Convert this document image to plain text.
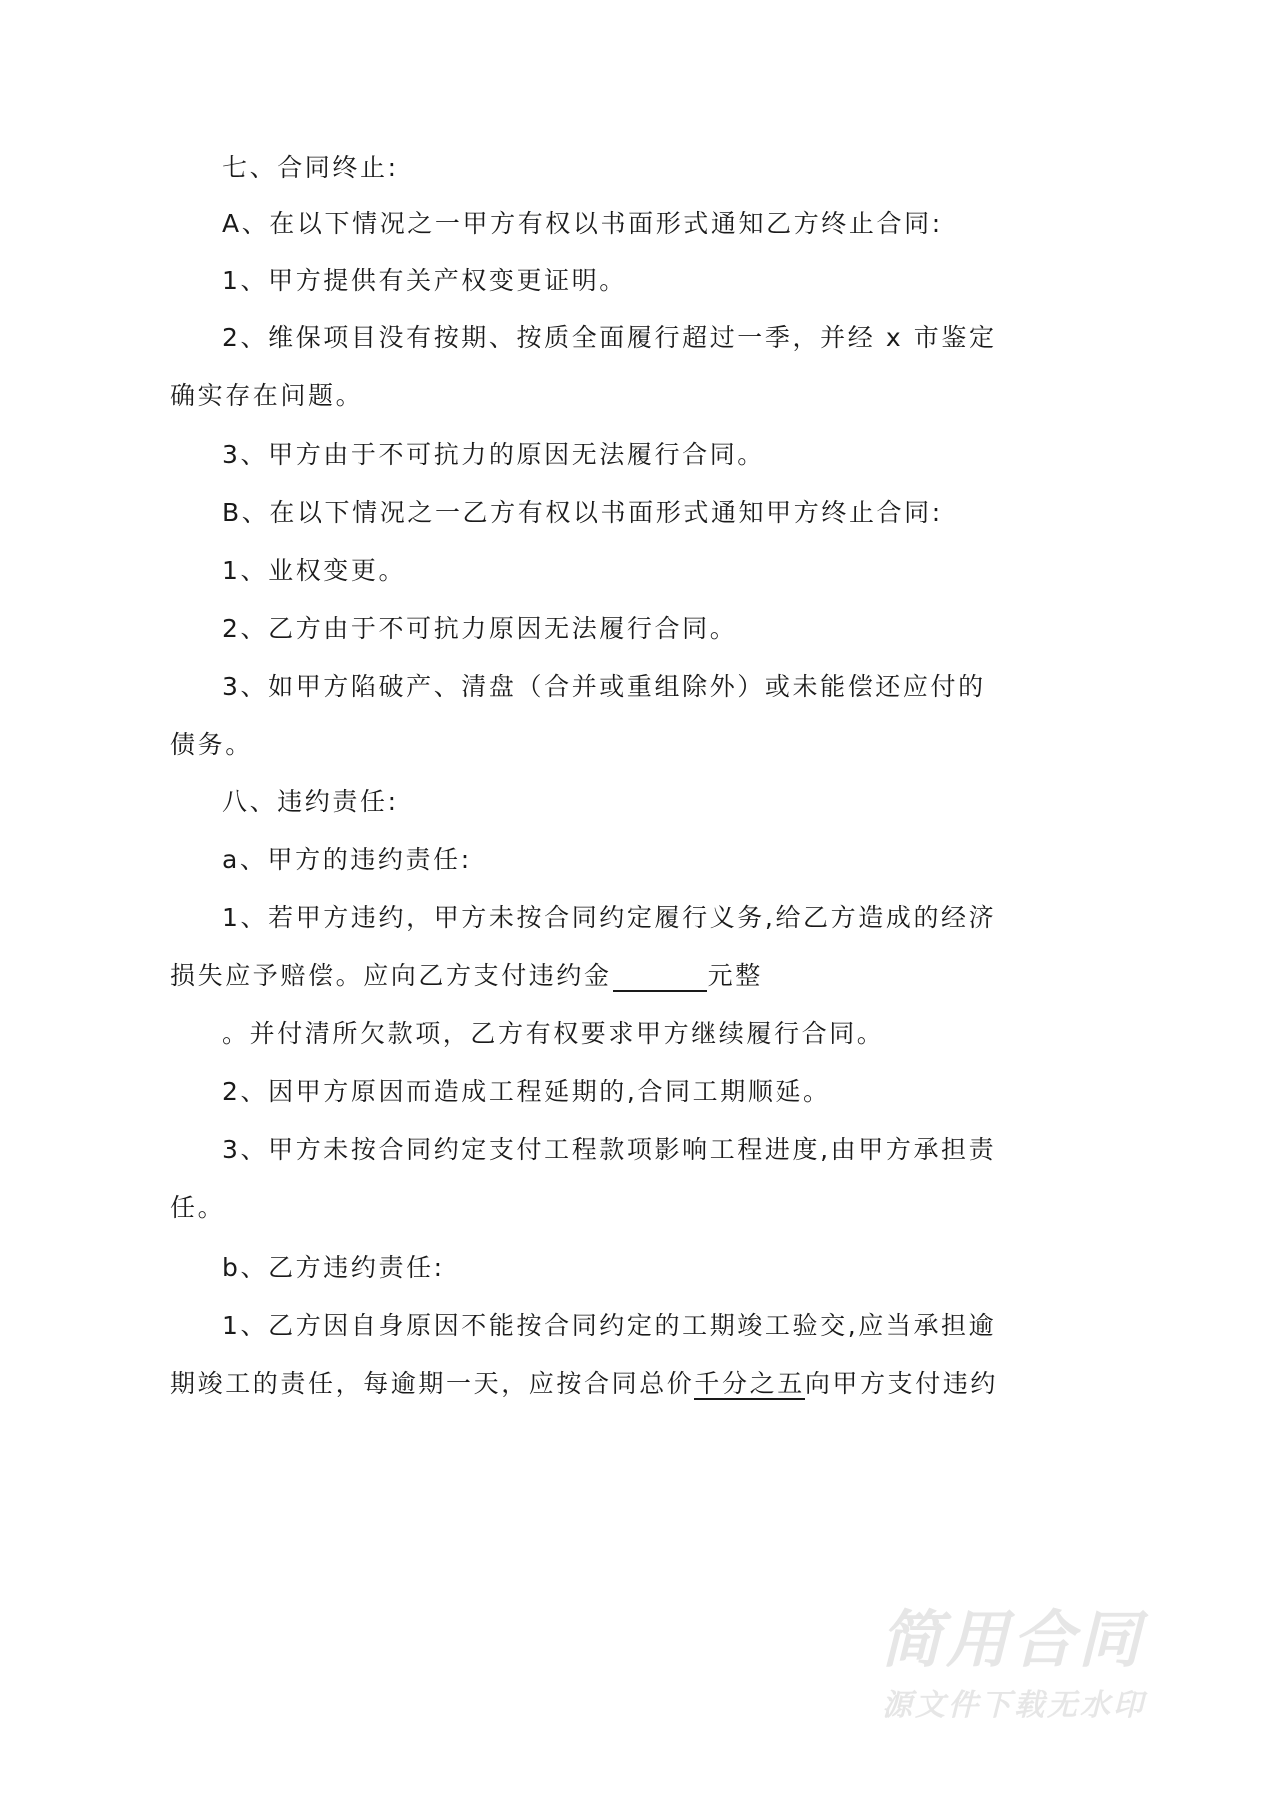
七、合同终止:
A、在以下情况之一甲方有权以书面形式通知乙方终止合同:
1、甲方提供有关产权变更证明。
2、维保项目没有按期、按质全面履行超过一季，并经 x 市鉴定
确实存在问题。
3、甲方由于不可抗力的原因无法履行合同。
B、在以下情况之一乙方有权以书面形式通知甲方终止合同:
1、业权变更。
2、乙方由于不可抗力原因无法履行合同。
3、如甲方陷破产、清盘（合并或重组除外）或未能偿还应付的
债务。
八、违约责任:
a、甲方的违约责任:
1、若甲方违约，甲方未按合同约定履行义务,给乙方造成的经济
损失应予赔偿。应向乙方支付违约金	元整
。并付清所欠款项，乙方有权要求甲方继续履行合同。
2、因甲方原因而造成工程延期的,合同工期顺延。
3、甲方未按合同约定支付工程款项影响工程进度,由甲方承担责
任。
b、乙方违约责任:
1、乙方因自身原因不能按合同约定的工期竣工验交,应当承担逾
期竣工的责任，每逾期一天，应按合同总价千分之五向甲方支付违约
简用合同
源文件下载无水印
